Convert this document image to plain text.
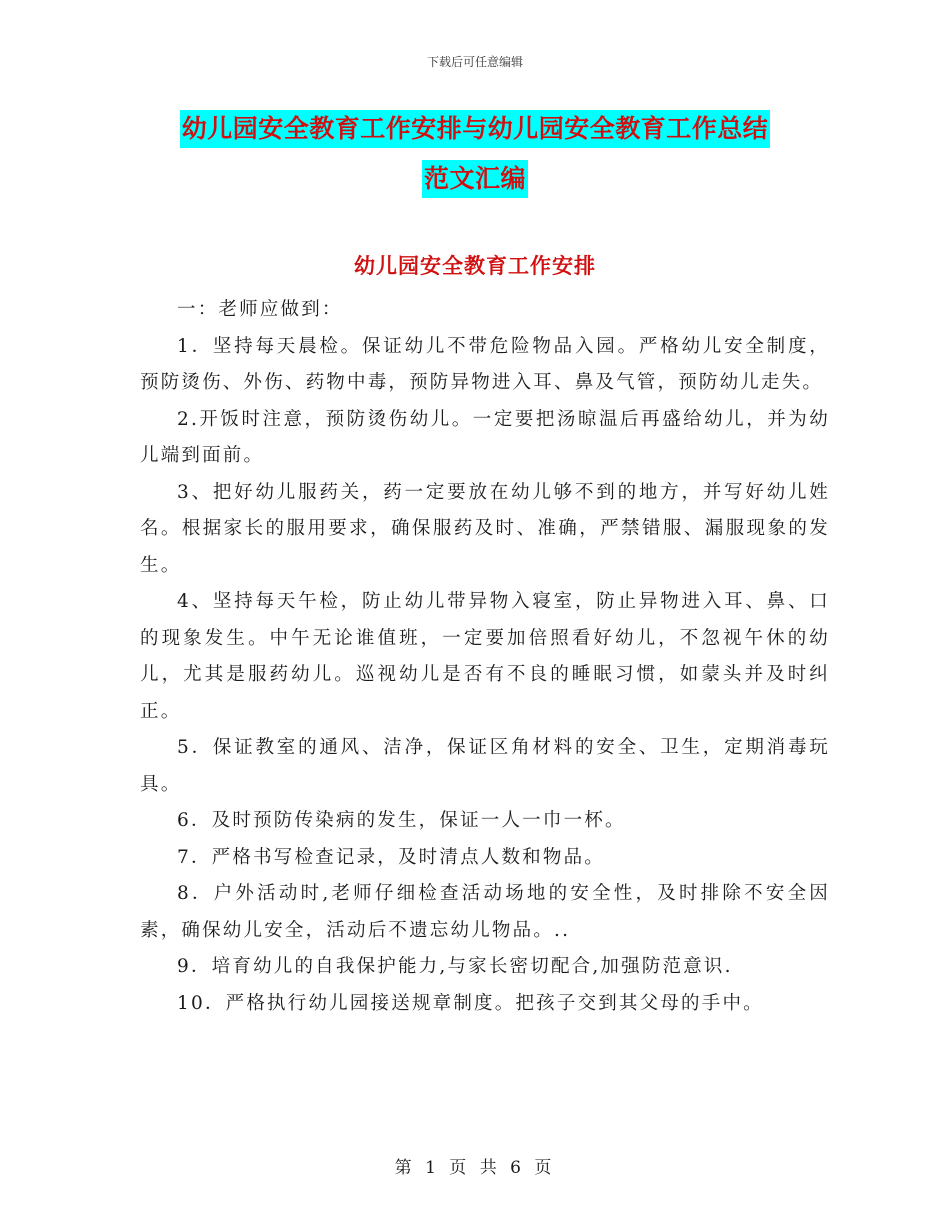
下载后可任意编辑
幼儿园安全教育工作安排与幼儿园安全教育工作总结
范文汇编
幼儿园安全教育工作安排

一：老师应做到：

1．坚持每天晨检。保证幼儿不带危险物品入园。严格幼儿安全制度，预防烫伤、外伤、药物中毒，预防异物进入耳、鼻及气管，预防幼儿走失。

2.开饭时注意，预防烫伤幼儿。一定要把汤晾温后再盛给幼儿，并为幼儿端到面前。

3、把好幼儿服药关，药一定要放在幼儿够不到的地方，并写好幼儿姓名。根据家长的服用要求，确保服药及时、准确，严禁错服、漏服现象的发生。

4、坚持每天午检，防止幼儿带异物入寝室，防止异物进入耳、鼻、口的现象发生。中午无论谁值班，一定要加倍照看好幼儿，不忽视午休的幼儿，尤其是服药幼儿。巡视幼儿是否有不良的睡眠习惯，如蒙头并及时纠正。

5．保证教室的通风、洁净，保证区角材料的安全、卫生，定期消毒玩具。

6．及时预防传染病的发生，保证一人一巾一杯。

7．严格书写检查记录，及时清点人数和物品。

8．户外活动时,老师仔细检查活动场地的安全性，及时排除不安全因素，确保幼儿安全，活动后不遗忘幼儿物品。..

9．培育幼儿的自我保护能力,与家长密切配合,加强防范意识.

10．严格执行幼儿园接送规章制度。把孩子交到其父母的手中。

第 1 页 共 6 页
